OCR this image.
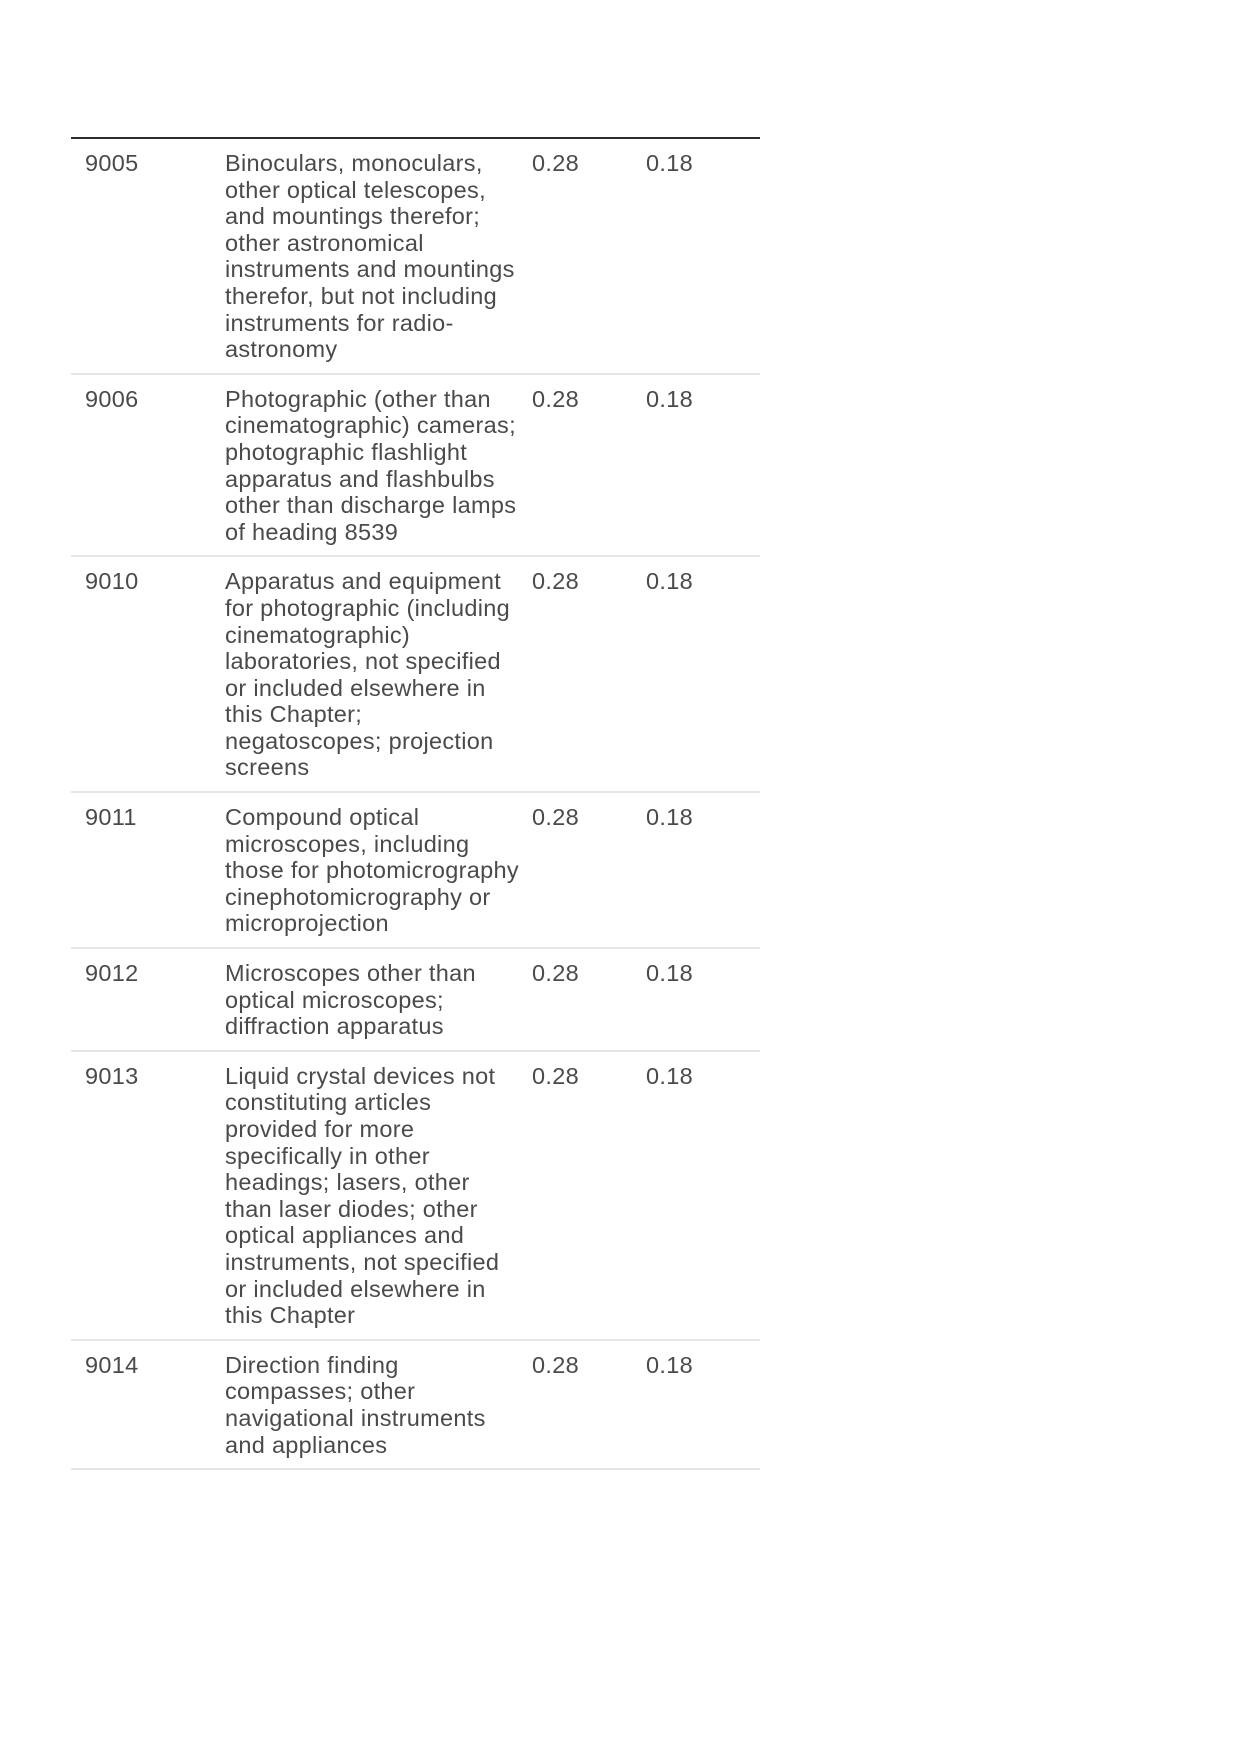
9005	Binoculars, monoculars, other optical telescopes, and mountings therefor; other astronomical instruments and mountings therefor, but not including instruments for radio-astronomy	0.28	0.18
9006	Photographic (other than cinematographic) cameras; photographic flashlight apparatus and flashbulbs other than discharge lamps of heading 8539	0.28	0.18
9010	Apparatus and equipment for photographic (including cinematographic) laboratories, not specified or included elsewhere in this Chapter; negatoscopes; projection screens	0.28	0.18
9011	Compound optical microscopes, including those for photomicrography cinephotomicrography or microprojection	0.28	0.18
9012	Microscopes other than optical microscopes; diffraction apparatus	0.28	0.18
9013	Liquid crystal devices not constituting articles provided for more specifically in other headings; lasers, other than laser diodes; other optical appliances and instruments, not specified or included elsewhere in this Chapter	0.28	0.18
9014	Direction finding compasses; other navigational instruments and appliances	0.28	0.18
